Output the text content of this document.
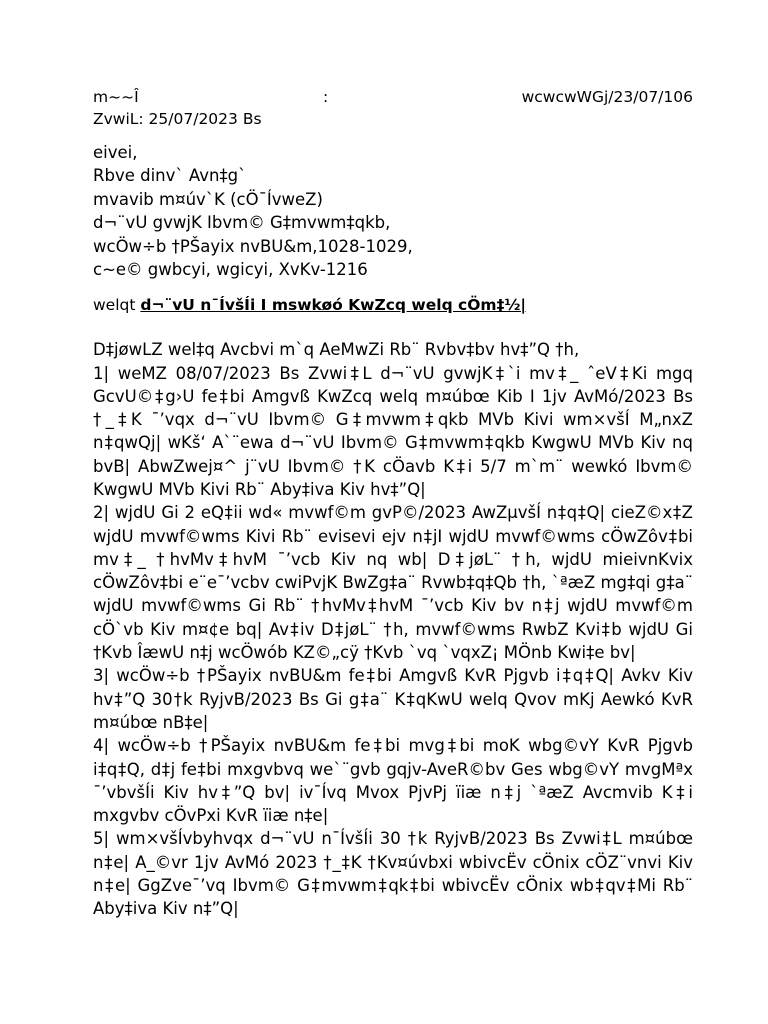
m~~Î	:	wcwcwWGj/23/07/106
ZvwiL: 25/07/2023 Bs
eivei,
Rbve dinv` Avn‡g`
mvavib m¤úv`K (cÖ¯ÍvweZ)
d¬¨vU gvwjK Ibvm© G‡mvwm‡qkb,
wcÖw÷b †PŠayix nvBU&m,1028-1029,
c~e© gwbcyi, wgicyi, XvKv-1216
welqt d¬¨vU n¯ÍvšÍi I mswkøó KwZcq welq cÖm‡½|
D‡jøwLZ wel‡q Avcbvi m`q AeMwZi Rb¨ Rvbv‡bv hv‡”Q †h,
1| weMZ 08/07/2023 Bs Zvwi‡L d¬¨vU gvwjK‡`i mv‡_ ˆeV‡Ki mgq GcvU©‡g›U fe‡bi Amgvß KwZcq welq m¤úbœ Kib I 1jv AvMó/2023 Bs †_‡K ¯’vqx d¬¨vU Ibvm© G‡mvwm‡qkb MVb Kivi wm×všÍ M„nxZ n‡qwQj| wKš‘ A`¨ewa d¬¨vU Ibvm© G‡mvwm‡qkb KwgwU MVb Kiv nq bvB| AbwZwej¤^ j¨vU Ibvm© †K cÖavb K‡i 5/7 m`m¨ wewkó Ibvm© KwgwU MVb Kivi Rb¨ Aby‡iva Kiv hv‡”Q|
2| wjdU Gi 2 eQ‡ii wd« mvwf©m gvP©/2023 AwZµvšÍ n‡q‡Q| cieZ©x‡Z wjdU mvwf©wms Kivi Rb¨ evisevi ejv n‡jI wjdU mvwf©wms cÖwZôv‡bi mv‡_ †hvMv‡hvM ¯’vcb Kiv nq wb| D‡jøL¨ †h, wjdU mieivnKvix cÖwZôv‡bi e¨e¯’vcbv cwiPvjK BwZg‡a¨ Rvwb‡q‡Qb †h, `ªæZ mg‡qi g‡a¨ wjdU mvwf©wms Gi Rb¨ †hvMv‡hvM ¯’vcb Kiv bv n‡j wjdU mvwf©m cÖ`vb Kiv m¤¢e bq| Av‡iv D‡jøL¨ †h, mvwf©wms RwbZ Kvi‡b wjdU Gi †Kvb ÎæwU n‡j wcÖwób KZ©„cÿ †Kvb `vq `vqxZ¡ MÖnb Kwi‡e bv|
3| wcÖw÷b †PŠayix nvBU&m fe‡bi Amgvß KvR Pjgvb i‡q‡Q| Avkv Kiv hv‡”Q 30†k RyjvB/2023 Bs Gi g‡a¨ K‡qKwU welq Qvov mKj Aewkó KvR m¤úbœ nB‡e|
4| wcÖw÷b †PŠayix nvBU&m fe‡bi mvg‡bi moK wbg©vY KvR Pjgvb i‡q‡Q, d‡j fe‡bi mxgvbvq we`¨gvb gqjv-AveR©bv Ges wbg©vY mvgMªx ¯’vbvšÍi Kiv hv‡”Q bv| iv¯Ívq Mvox PjvPj ïiæ n‡j `ªæZ Avcmvib K‡i mxgvbv cÖvPxi KvR ïiæ n‡e|
5| wm×všÍvbyhvqx d¬¨vU n¯ÍvšÍi 30 †k RyjvB/2023 Bs Zvwi‡L m¤úbœ n‡e| A_©vr 1jv AvMó 2023 †_‡K †Kv¤úvbxi wbivcËv cÖnix cÖZ¨vnvi Kiv n‡e| GgZve¯’vq Ibvm© G‡mvwm‡qk‡bi wbivcËv cÖnix wb‡qv‡Mi Rb¨ Aby‡iva Kiv n‡”Q|
